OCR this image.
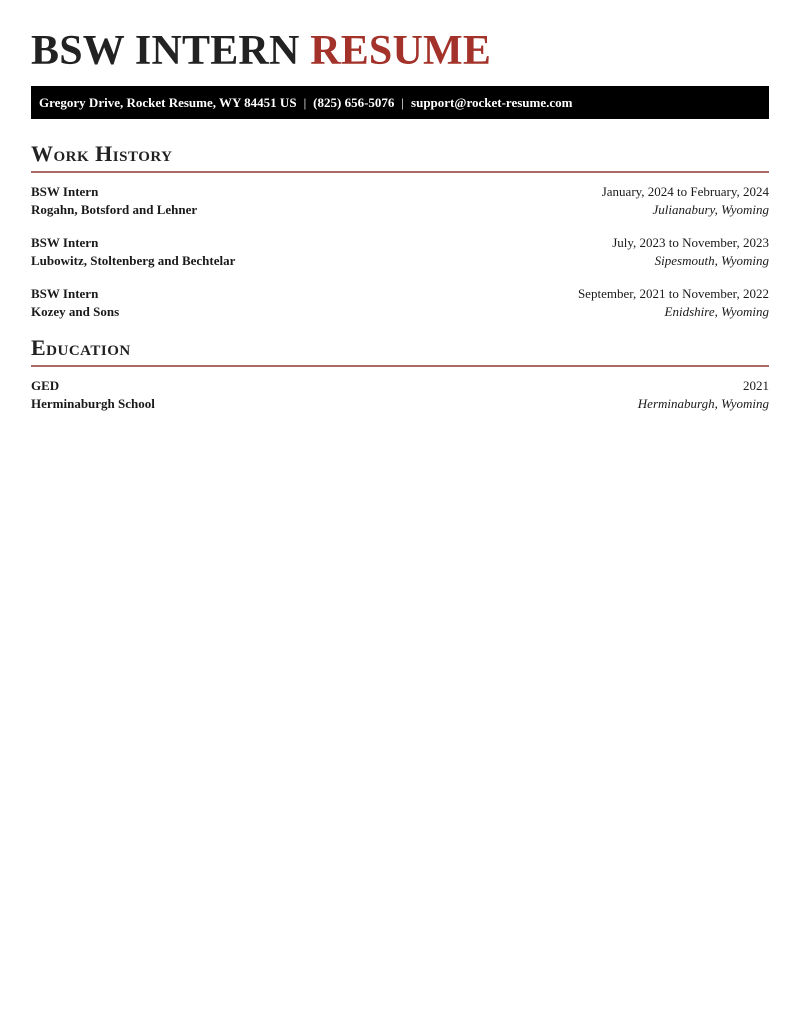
BSW INTERN RESUME
Gregory Drive, Rocket Resume, WY 84451 US | (825) 656-5076 | support@rocket-resume.com
Work History
BSW Intern	January, 2024 to February, 2024
Rogahn, Botsford and Lehner	Julianabury, Wyoming
BSW Intern	July, 2023 to November, 2023
Lubowitz, Stoltenberg and Bechtelar	Sipesmouth, Wyoming
BSW Intern	September, 2021 to November, 2022
Kozey and Sons	Enidshire, Wyoming
Education
GED	2021
Herminaburgh School	Herminaburgh, Wyoming
